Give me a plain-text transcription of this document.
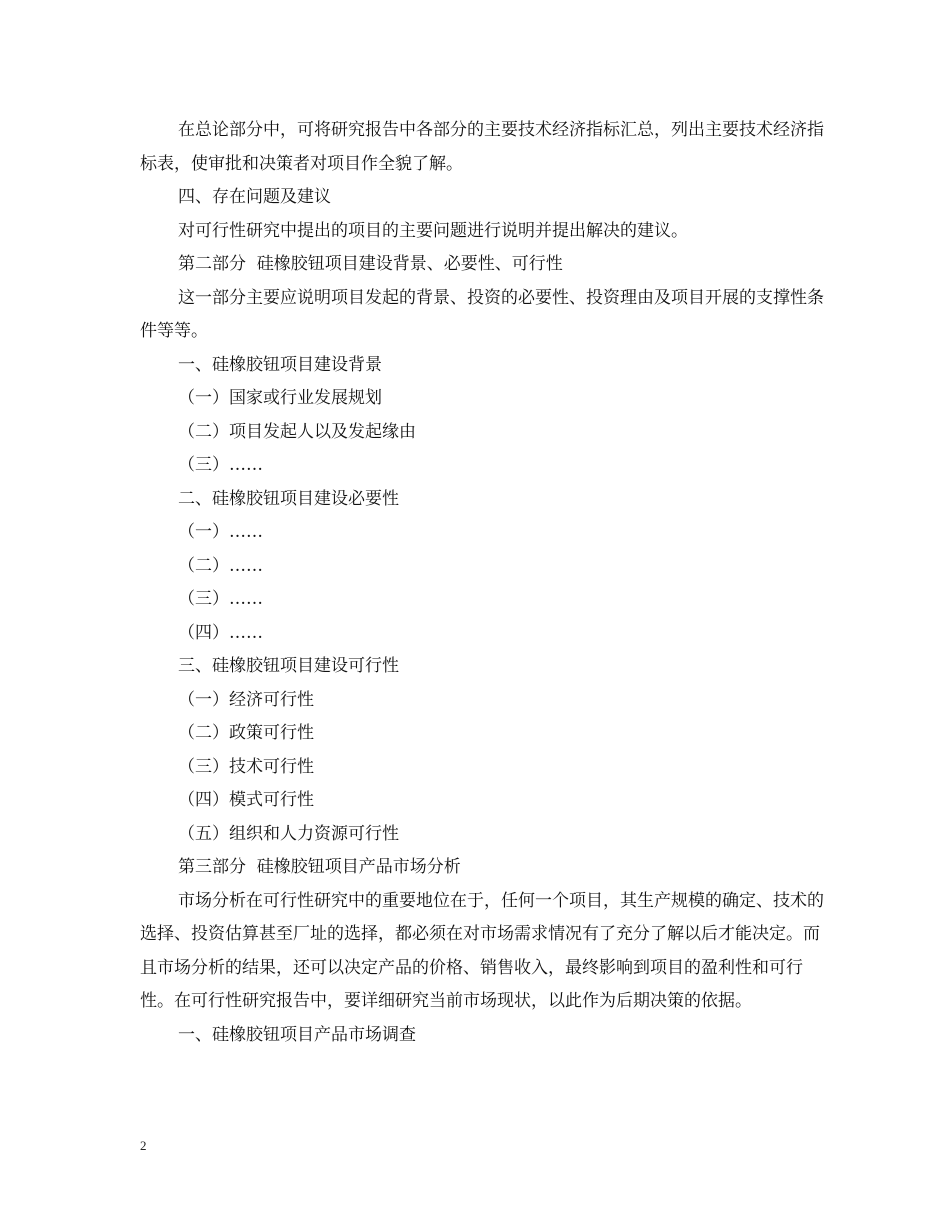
在总论部分中，可将研究报告中各部分的主要技术经济指标汇总，列出主要技术经济指标表，使审批和决策者对项目作全貌了解。

四、存在问题及建议

对可行性研究中提出的项目的主要问题进行说明并提出解决的建议。

第二部分  硅橡胶钮项目建设背景、必要性、可行性

这一部分主要应说明项目发起的背景、投资的必要性、投资理由及项目开展的支撑性条件等等。

一、硅橡胶钮项目建设背景

（一）国家或行业发展规划

（二）项目发起人以及发起缘由

（三）……

二、硅橡胶钮项目建设必要性

（一）……

（二）……

（三）……

（四）……

三、硅橡胶钮项目建设可行性

（一）经济可行性

（二）政策可行性

（三）技术可行性

（四）模式可行性

（五）组织和人力资源可行性

第三部分  硅橡胶钮项目产品市场分析

市场分析在可行性研究中的重要地位在于，任何一个项目，其生产规模的确定、技术的选择、投资估算甚至厂址的选择，都必须在对市场需求情况有了充分了解以后才能决定。而且市场分析的结果，还可以决定产品的价格、销售收入，最终影响到项目的盈利性和可行性。在可行性研究报告中，要详细研究当前市场现状，以此作为后期决策的依据。

一、硅橡胶钮项目产品市场调查

2
